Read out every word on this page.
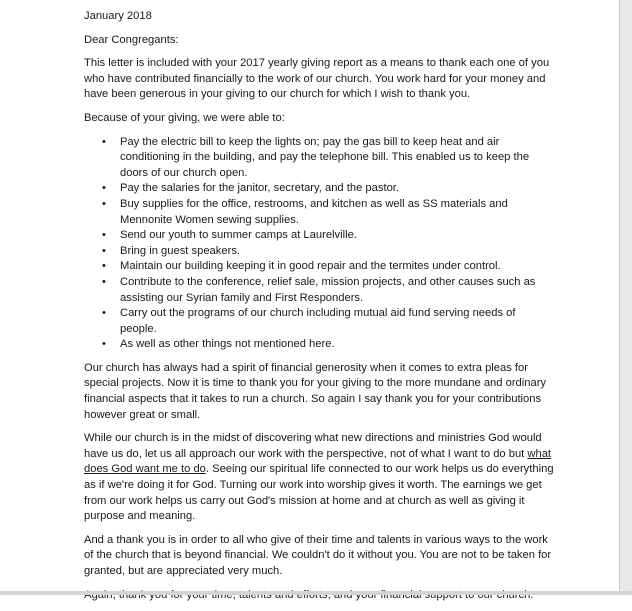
January 2018

Dear Congregants:

This letter is included with your 2017 yearly giving report as a means to thank each one of you who have contributed financially to the work of our church. You work hard for your money and have been generous in your giving to our church for which I wish to thank you.

Because of your giving, we were able to:

• Pay the electric bill to keep the lights on; pay the gas bill to keep heat and air conditioning in the building, and pay the telephone bill. This enabled us to keep the doors of our church open.
• Pay the salaries for the janitor, secretary, and the pastor.
• Buy supplies for the office, restrooms, and kitchen as well as SS materials and Mennonite Women sewing supplies.
• Send our youth to summer camps at Laurelville.
• Bring in guest speakers.
• Maintain our building keeping it in good repair and the termites under control.
• Contribute to the conference, relief sale, mission projects, and other causes such as assisting our Syrian family and First Responders.
• Carry out the programs of our church including mutual aid fund serving needs of people.
• As well as other things not mentioned here.

Our church has always had a spirit of financial generosity when it comes to extra pleas for special projects. Now it is time to thank you for your giving to the more mundane and ordinary financial aspects that it takes to run a church. So again I say thank you for your contributions however great or small.

While our church is in the midst of discovering what new directions and ministries God would have us do, let us all approach our work with the perspective, not of what I want to do but what does God want me to do. Seeing our spiritual life connected to our work helps us do everything as if we're doing it for God. Turning our work into worship gives it worth. The earnings we get from our work helps us carry out God's mission at home and at church as well as giving it purpose and meaning.

And a thank you is in order to all who give of their time and talents in various ways to the work of the church that is beyond financial. We couldn't do it without you. You are not to be taken for granted, but are appreciated very much.
